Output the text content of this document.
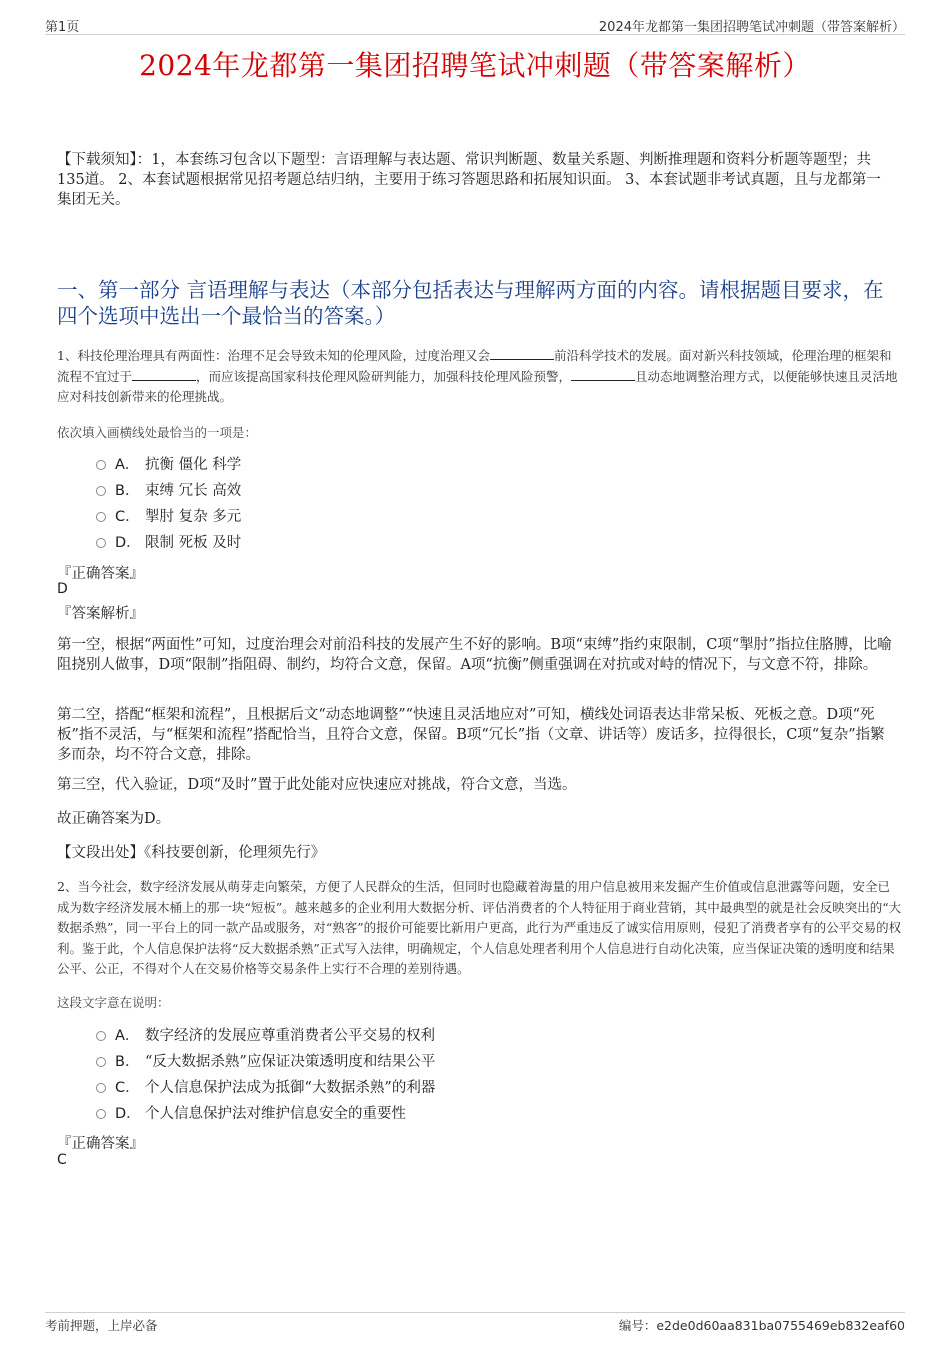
第1页	2024年龙都第一集团招聘笔试冲刺题（带答案解析）
2024年龙都第一集团招聘笔试冲刺题（带答案解析）
【下载须知】：1，本套练习包含以下题型：言语理解与表达题、常识判断题、数量关系题、判断推理题和资料分析题等题型；共135道。 2、本套试题根据常见招考题总结归纳，主要用于练习答题思路和拓展知识面。 3、本套试题非考试真题，且与龙都第一集团无关。
一、第一部分 言语理解与表达（本部分包括表达与理解两方面的内容。请根据题目要求，在四个选项中选出一个最恰当的答案。）
1、科技伦理治理具有两面性：治理不足会导致未知的伦理风险，过度治理又会	前沿科学技术的发展。面对新兴科技领域，伦理治理的框架和流程不宜过于	，而应该提高国家科技伦理风险研判能力，加强科技伦理风险预警，	且动态地调整治理方式，以便能够快速且灵活地应对科技创新带来的伦理挑战。
依次填入画横线处最恰当的一项是：
A． 抗衡 僵化 科学
B． 束缚 冗长 高效
C． 掣肘 复杂 多元
D． 限制 死板 及时
『正确答案』
D
『答案解析』
第一空，根据“两面性”可知，过度治理会对前沿科技的发展产生不好的影响。B项“束缚”指约束限制，C项“掣肘”指拉住胳膊，比喻阻挠别人做事，D项“限制”指阻碍、制约，均符合文意，保留。A项“抗衡”侧重强调在对抗或对峙的情况下，与文意不符，排除。
第二空，搭配“框架和流程”，且根据后文“动态地调整”“快速且灵活地应对”可知，横线处词语表达非常呆板、死板之意。D项“死板”指不灵活，与“框架和流程”搭配恰当，且符合文意，保留。B项“冗长”指（文章、讲话等）废话多，拉得很长，C项“复杂”指繁多而杂，均不符合文意，排除。
第三空，代入验证，D项“及时”置于此处能对应快速应对挑战，符合文意，当选。
故正确答案为D。
【文段出处】《科技要创新，伦理须先行》
2、当今社会，数字经济发展从萌芽走向繁荣，方便了人民群众的生活，但同时也隐藏着海量的用户信息被用来发掘产生价值或信息泄露等问题，安全已成为数字经济发展木桶上的那一块“短板”。越来越多的企业利用大数据分析、评估消费者的个人特征用于商业营销，其中最典型的就是社会反映突出的“大数据杀熟”，同一平台上的同一款产品或服务，对“熟客”的报价可能要比新用户更高，此行为严重违反了诚实信用原则，侵犯了消费者享有的公平交易的权利。鉴于此，个人信息保护法将“反大数据杀熟”正式写入法律，明确规定，个人信息处理者利用个人信息进行自动化决策，应当保证决策的透明度和结果公平、公正，不得对个人在交易价格等交易条件上实行不合理的差别待遇。
这段文字意在说明：
A． 数字经济的发展应尊重消费者公平交易的权利
B． “反大数据杀熟”应保证决策透明度和结果公平
C． 个人信息保护法成为抵御“大数据杀熟”的利器
D． 个人信息保护法对维护信息安全的重要性
『正确答案』
C
考前押题，上岸必备	编号：e2de0d60aa831ba0755469eb832eaf60
